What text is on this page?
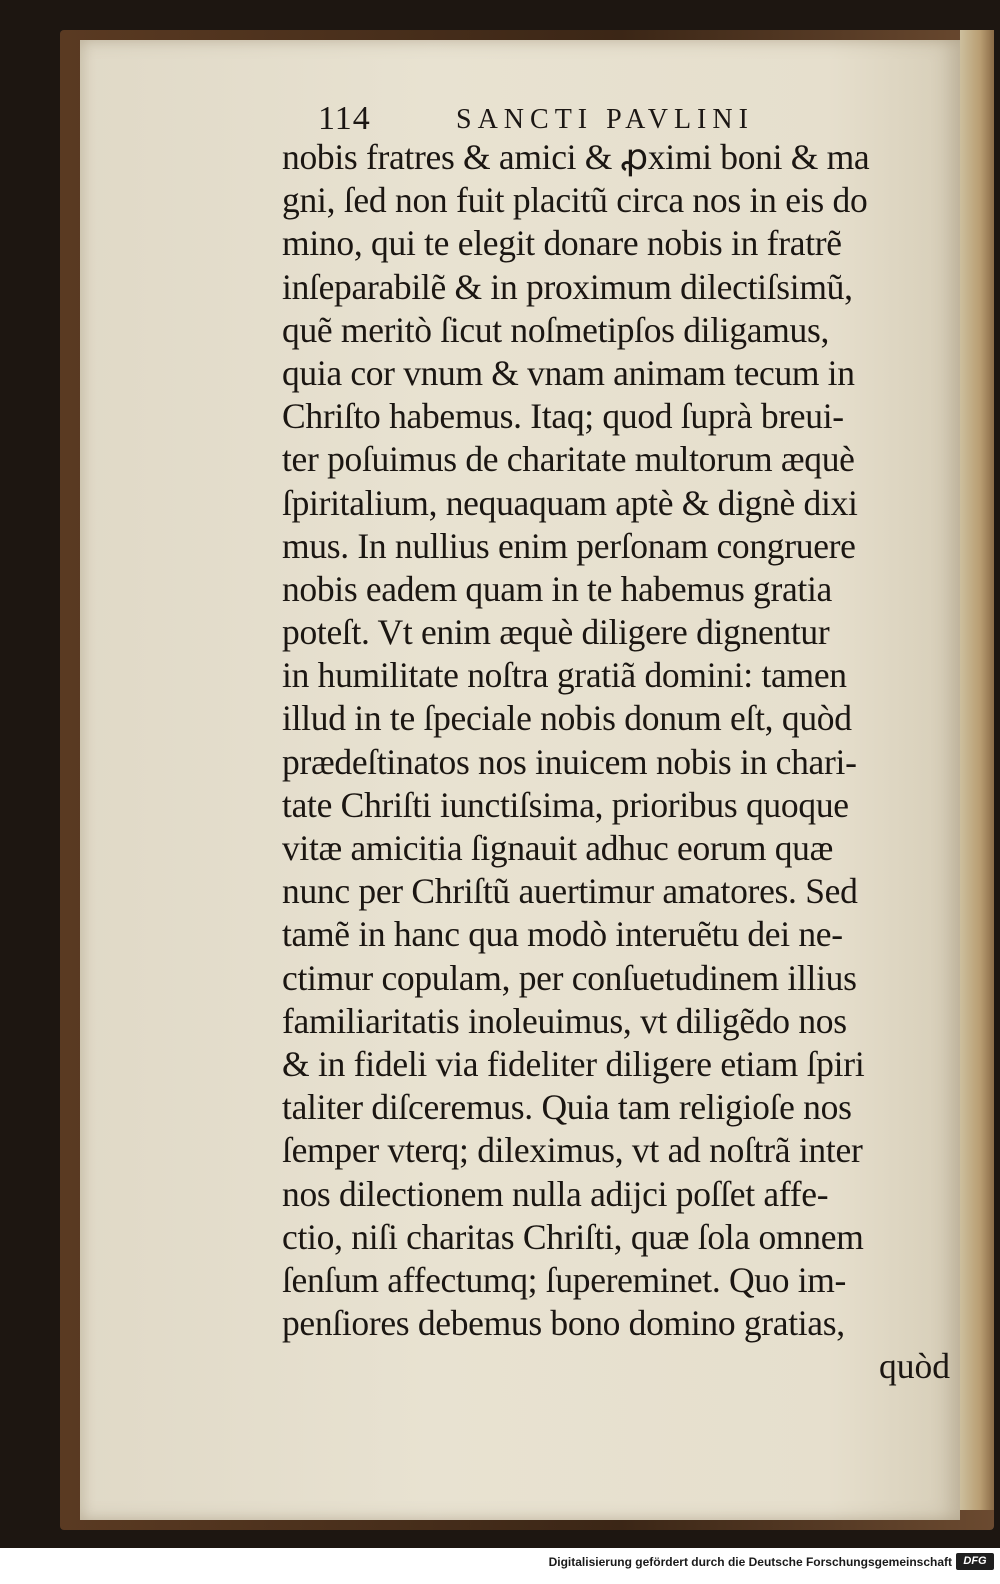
114	SANCTI PAVLINI
nobis fratres & amici & ꝓximi boni & ma
gni, ſed non fuit placitũ circa nos in eis do
mino, qui te elegit donare nobis in fratrẽ
inſeparabilẽ & in proximum dilectiſsimũ,
quẽ meritò ſicut noſmetipſos diligamus,
quia cor vnum & vnam animam tecum in
Chriſto habemus. Itaq; quod ſuprà breui-
ter poſuimus de charitate multorum æquè
ſpiritalium, nequaquam aptè & dignè dixi
mus. In nullius enim perſonam congruere
nobis eadem quam in te habemus gratia
poteſt. Vt enim æquè diligere dignentur
in humilitate noſtra gratiã domini: tamen
illud in te ſpeciale nobis donum eſt, quòd
prædeſtinatos nos inuicem nobis in chari-
tate Chriſti iunctiſsima, prioribus quoque
vitæ amicitia ſignauit adhuc eorum quæ
nunc per Chriſtũ auertimur amatores. Sed
tamẽ in hanc qua modò interuẽtu dei ne-
ctimur copulam, per conſuetudinem illius
familiaritatis inoleuimus, vt diligẽdo nos
& in fideli via fideliter diligere etiam ſpiri
taliter diſceremus. Quia tam religioſe nos
ſemper vterq; dileximus, vt ad noſtrã inter
nos dilectionem nulla adijci poſſet affe-
ctio, niſi charitas Chriſti, quæ ſola omnem
ſenſum affectumq; ſupereminet. Quo im-
penſiores debemus bono domino gratias,
quòd
Digitalisierung gefördert durch die Deutsche Forschungsgemeinschaft	DFG
